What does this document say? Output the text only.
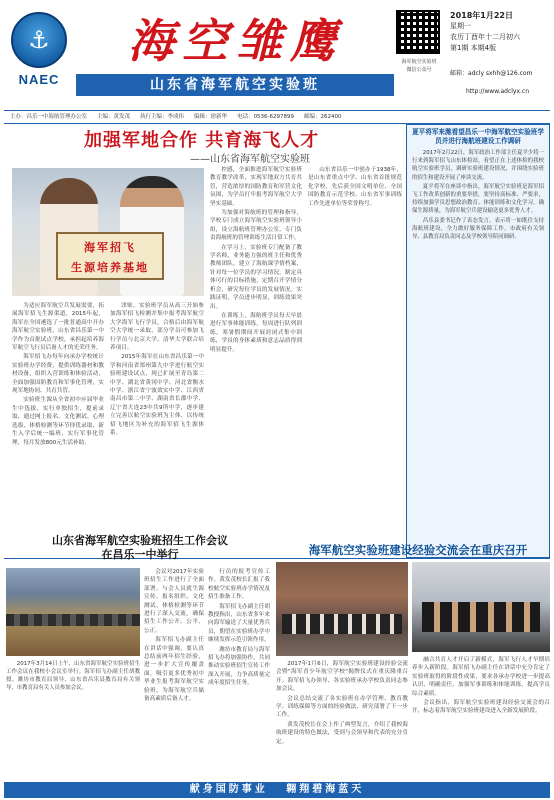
⚓
NAEC
海空雏鹰
山东省海军航空实验班
海军航空实验班
微信公众号
2018年1月22日
星期一
农历丁酉年十二月初六
第1期 本期4版
邮箱：adcly sxhh@126.com
http://www.adclyx.cn
主办：昌乐一中海航管理办公室 主编：黄发茂 执行主编：李成伟 编辑：徐新华 电话：0536-6297899 邮编：262400
加强军地合作 共育海飞人才
——山东省海军航空实验班
海军招飞
生源培养基地

控感，全面推进海军航空实验班教育教学改革，实现军地双方共育共管，营造浓厚的国防教育和军营文化氛围，为学员打牢报考海军航空大学坚实基础。

为加强对海航班的管理和指导，学校专门成立海军航空实验班领导小组，设立海航班管理办公室，专门负责海航班的管理训练生活日常工作。

在学习上，实验班专门配备了教学名师，业务能力强的班主任和优秀教师团队。建立了海航课学情档案，针对每一位学员的学习情况，制定具体可行的目标措施，定期召开学情分析会，研究每位学员的发展情况。实践证明，学员进步明显，训练效果突出。

在训练上，海航班学员每天早晨进行军事体能训练，每周进行队列训练，寒暑假期间开展封闭式集中训练，学员的身体素质和意志品质得到明显提升。

山东省昌乐一中创办于1938年，是山东省重点中学、山东省首批规范化学校，先后获全国文明单位、全国国防教育示范学校、山东省军事训练工作先进单位等荣誉称号。

为适应海军航空兵发展需要，拓展海军招飞生源渠道，2015年起，海军在全国遴选了一批普通高中开办海军航空实验班，山东省昌乐第一中学作为首批试点学校，承担起培养海军航空飞行员后备人才的光荣任务。

海军招飞办每年向承办学校统计实验班办学经费，提供训练器材和教材设备，组织入营训练和体验活动，全面加强国防教育和军事化管理，实现军地协同、共育共管。

实验班生源从全省初中应届毕业生中选拔，实行单独招生，提前录取，通过网上报名、文化测试、心理选拔、体格检测等环节择优录取，新生入学后统一编班，实行军事化管理，每月发放800元生活补助。

津贴。实验班学员从高三开始参加海军招飞检测并集中报考海军航空大学海军飞行学员，合格后由海军航空大学统一录取，部分学员可参加飞行学员与北京大学、清华大学联合培养项目。

2015年海军在山东省昌乐第一中学和河南省郑州第九中学进行航空实验班建设试点，现已扩展至青岛第二中学、湖北省黄冈中学、河北省衡水中学、浙江省宁波效实中学、江西省南昌市第二中学、湖南省长郡中学、辽宁省大连23中共9所中学，逐步建立完善以航空实验班为主体、以传统招飞地区为补充的海军招飞生源体系。

夏平将军来潍看望昌乐一中海军航空实验班学员并进行海航班建设工作调研

2017年2月22日，海军政治工作部主任夏平少将一行来到海军招飞山东体检站，看望正在上述体检的我校航空实验班学员，调研实验班建设情况，并围绕实验班的招生和建设开展了座谈交流。

夏平将军在座谈中指出，海军航空实验班是海军招飞工作改革创新的重要举措，要坚持高标准、严要求，持续加强学员思想政治教育、体能训练和文化学习，确保生源质量，为海军航空兵建设输送更多优秀人才。

昌乐县委书记作了表态发言，表示将一如既往支持海航班建设，全力做好服务保障工作。市政府有关领导、县教育局负责同志及学校领导陪同调研。

山东省海军航空实验班招生工作会议
在昌乐一中举行

2017年3月14日上午，山东省海军航空实验班招生工作会议在我校小会议室举行。海军招飞办副主任胡教授、潍坊市教育局领导、山东省昌乐县教育局有关领导、市教育局有关人员参加会议。

会议对2017年实验班招生工作进行了全面部署。与会人员就生源宣传、报名组织、文化测试、体格检测等环节进行了深入交流，确保招生工作公开、公平、公正。

海军招飞办副主任在讲话中强调，要认真总结前两年招生经验，进一步扩大宣传覆盖面，吸引更多优秀初中毕业生报考海军航空实验班，为海军航空兵储备高素质后备人才。

行员的报考宣传工作。黄发茂校长汇报了我校航空实验班办学情况及招生准备工作。

海军招飞办副主任胡教授指出，山东省多年来向海军输送了大量优秀兵员，期望在实验班办学中继续发挥示范引领作用。

潍坊市教育局与海军招飞办将加强协作，共同推动实验班招生宣传工作深入开展，力争高质量完成年度招生任务。

海军航空实验班建设经验交流会在重庆召开

2017年1月6日，海军航空实验班建设经验交流会暨"海军青少年航空学校"揭牌仪式在重庆隆重召开。海军招飞办领导、各实验班承办学校负责同志参加会议。

会议总结交流了各实验班在办学管理、教育教学、训练保障等方面的经验做法，研究部署了下一步工作。

黄发茂校长在会上作了典型发言，介绍了我校海航班建设的特色做法，受到与会领导和代表的充分肯定。

融合共育人才开启了新模式，海军飞行人才早期培养步入新阶段。海军招飞办副主任在讲话中充分肯定了实验班取得的阶段性成果，要求各承办学校进一步提高认识、明确责任，加强军事训练和体能训练，提高学员综合素质。

会议指出，海军航空实验班建设经验交流会的召开，标志着海军航空实验班建设进入全新发展阶段。

献身国防事业 翱翔碧海蓝天
